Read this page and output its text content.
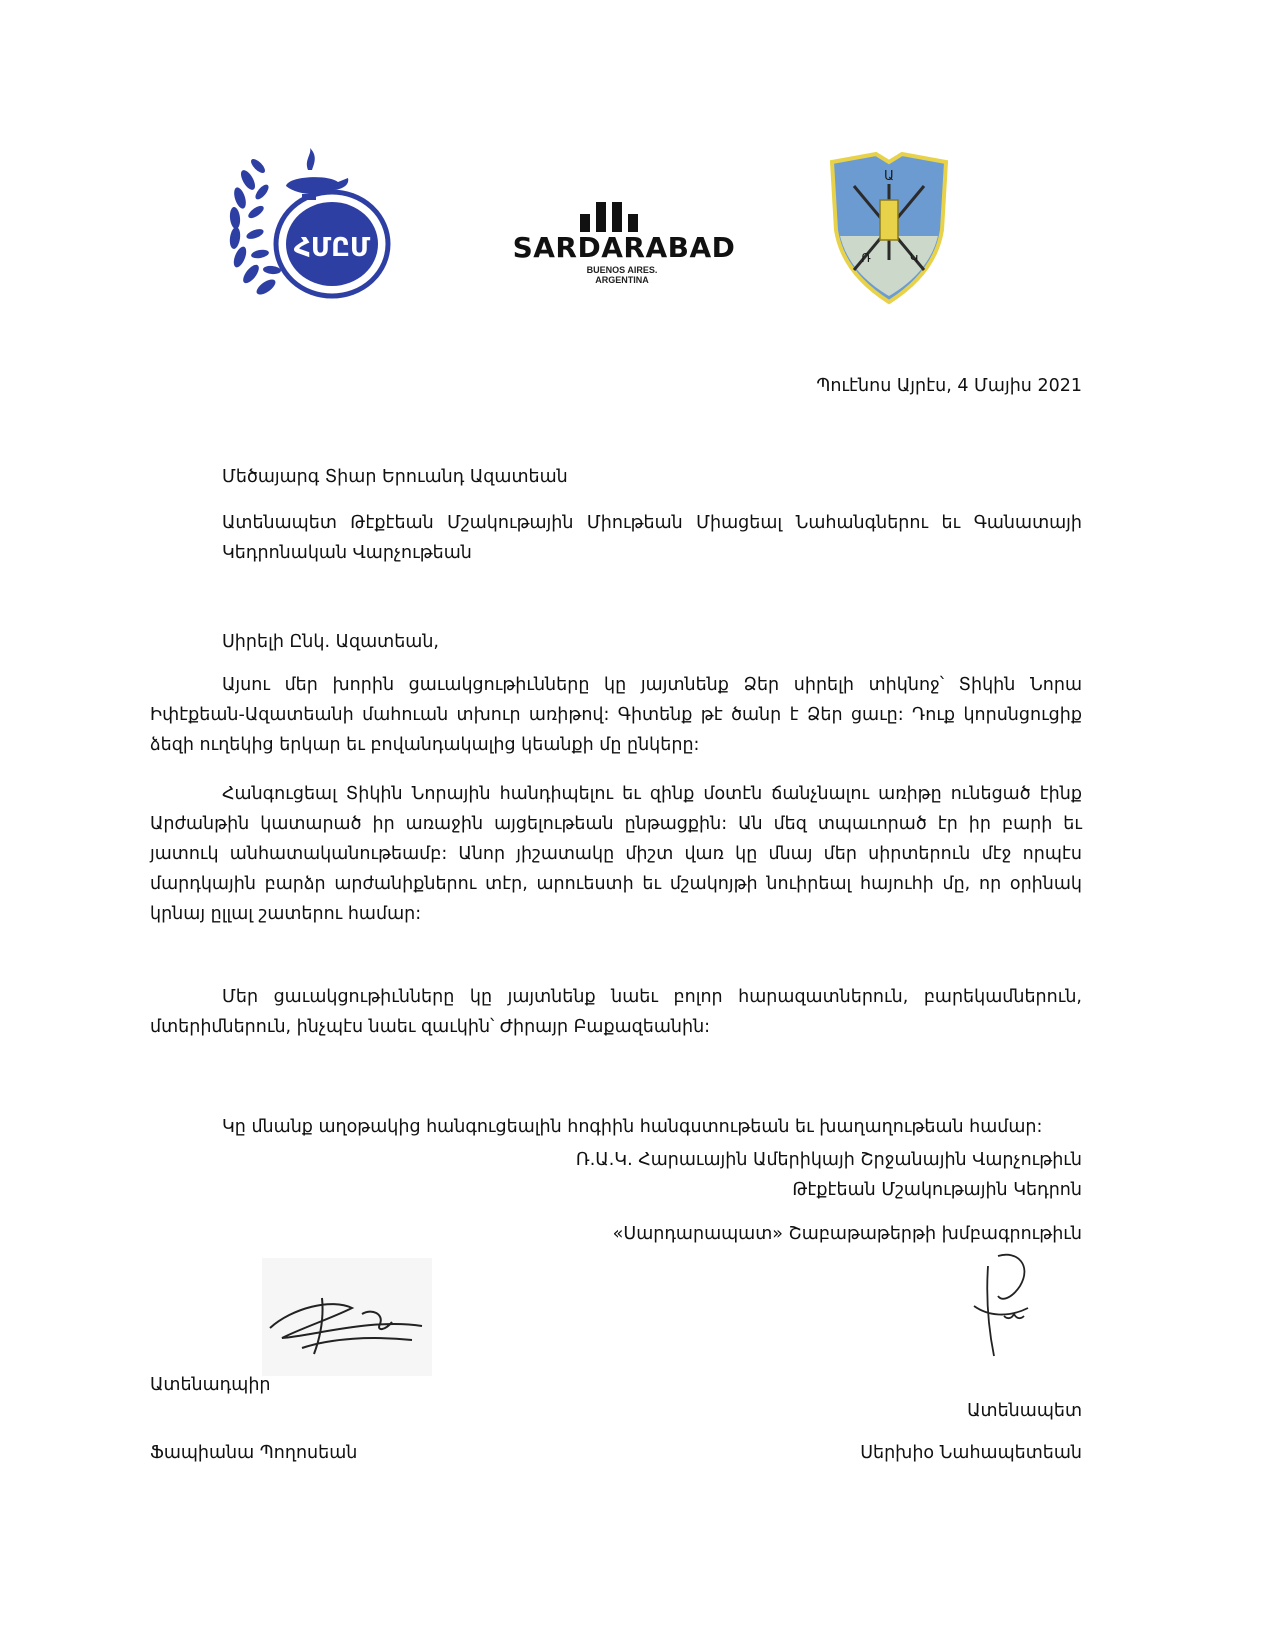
ՀՄԸՄ	SARDARABAD
BUENOS AIRES. ARGENTINA
Ա
Ռ	Կ
Պուէնոս Այրէս, 4 Մայիս 2021
Մեծայարգ Տիար Երուանդ Ազատեան
Ատենապետ Թէքէեան Մշակութային Միութեան Միացեալ Նահանգներու եւ Գանատայի Կեդրոնական Վարչութեան
Սիրելի Ընկ. Ազատեան,

Այսու մեր խորին ցաւակցութիւնները կը յայտնենք Ձեր սիրելի տիկնոջ՝ Տիկին Նորա Իփէքեան-Ազատեանի մահուան տխուր առիթով: Գիտենք թէ ծանր է Ձեր ցաւը: Դուք կորսնցուցիք ձեզի ուղեկից երկար եւ բովանդակալից կեանքի մը ընկերը:

Հանգուցեալ Տիկին Նորային հանդիպելու եւ զինք մօտէն ճանչնալու առիթը ունեցած էինք Արժանթին կատարած իր առաջին այցելութեան ընթացքին: Ան մեզ տպաւորած էր իր բարի եւ յատուկ անհատականութեամբ: Անոր յիշատակը միշտ վառ կը մնայ մեր սիրտերուն մէջ որպէս մարդկային բարձր արժանիքներու տէր, արուեստի եւ մշակոյթի նուիրեալ հայուհի մը, որ օրինակ կրնայ ըլլալ շատերու համար:

Մեր ցաւակցութիւնները կը յայտնենք նաեւ բոլոր հարազատներուն, բարեկամներուն, մտերիմներուն, ինչպէս նաեւ զաւկին՝ Ժիրայր Բաքազեանին:

Կը մնանք աղօթակից հանգուցեալին հոգիին հանգստութեան եւ խաղաղութեան համար:
Ռ.Ա.Կ. Հարաւային Ամերիկայի Շրջանային Վարչութիւն
Թէքէեան Մշակութային Կեդրոն
«Սարդարապատ» Շաբաթաթերթի խմբագրութիւն
Ատենադպիր
Ատենապետ
Ֆապիանա Պողոսեան	Սերխիօ Նահապետեան
